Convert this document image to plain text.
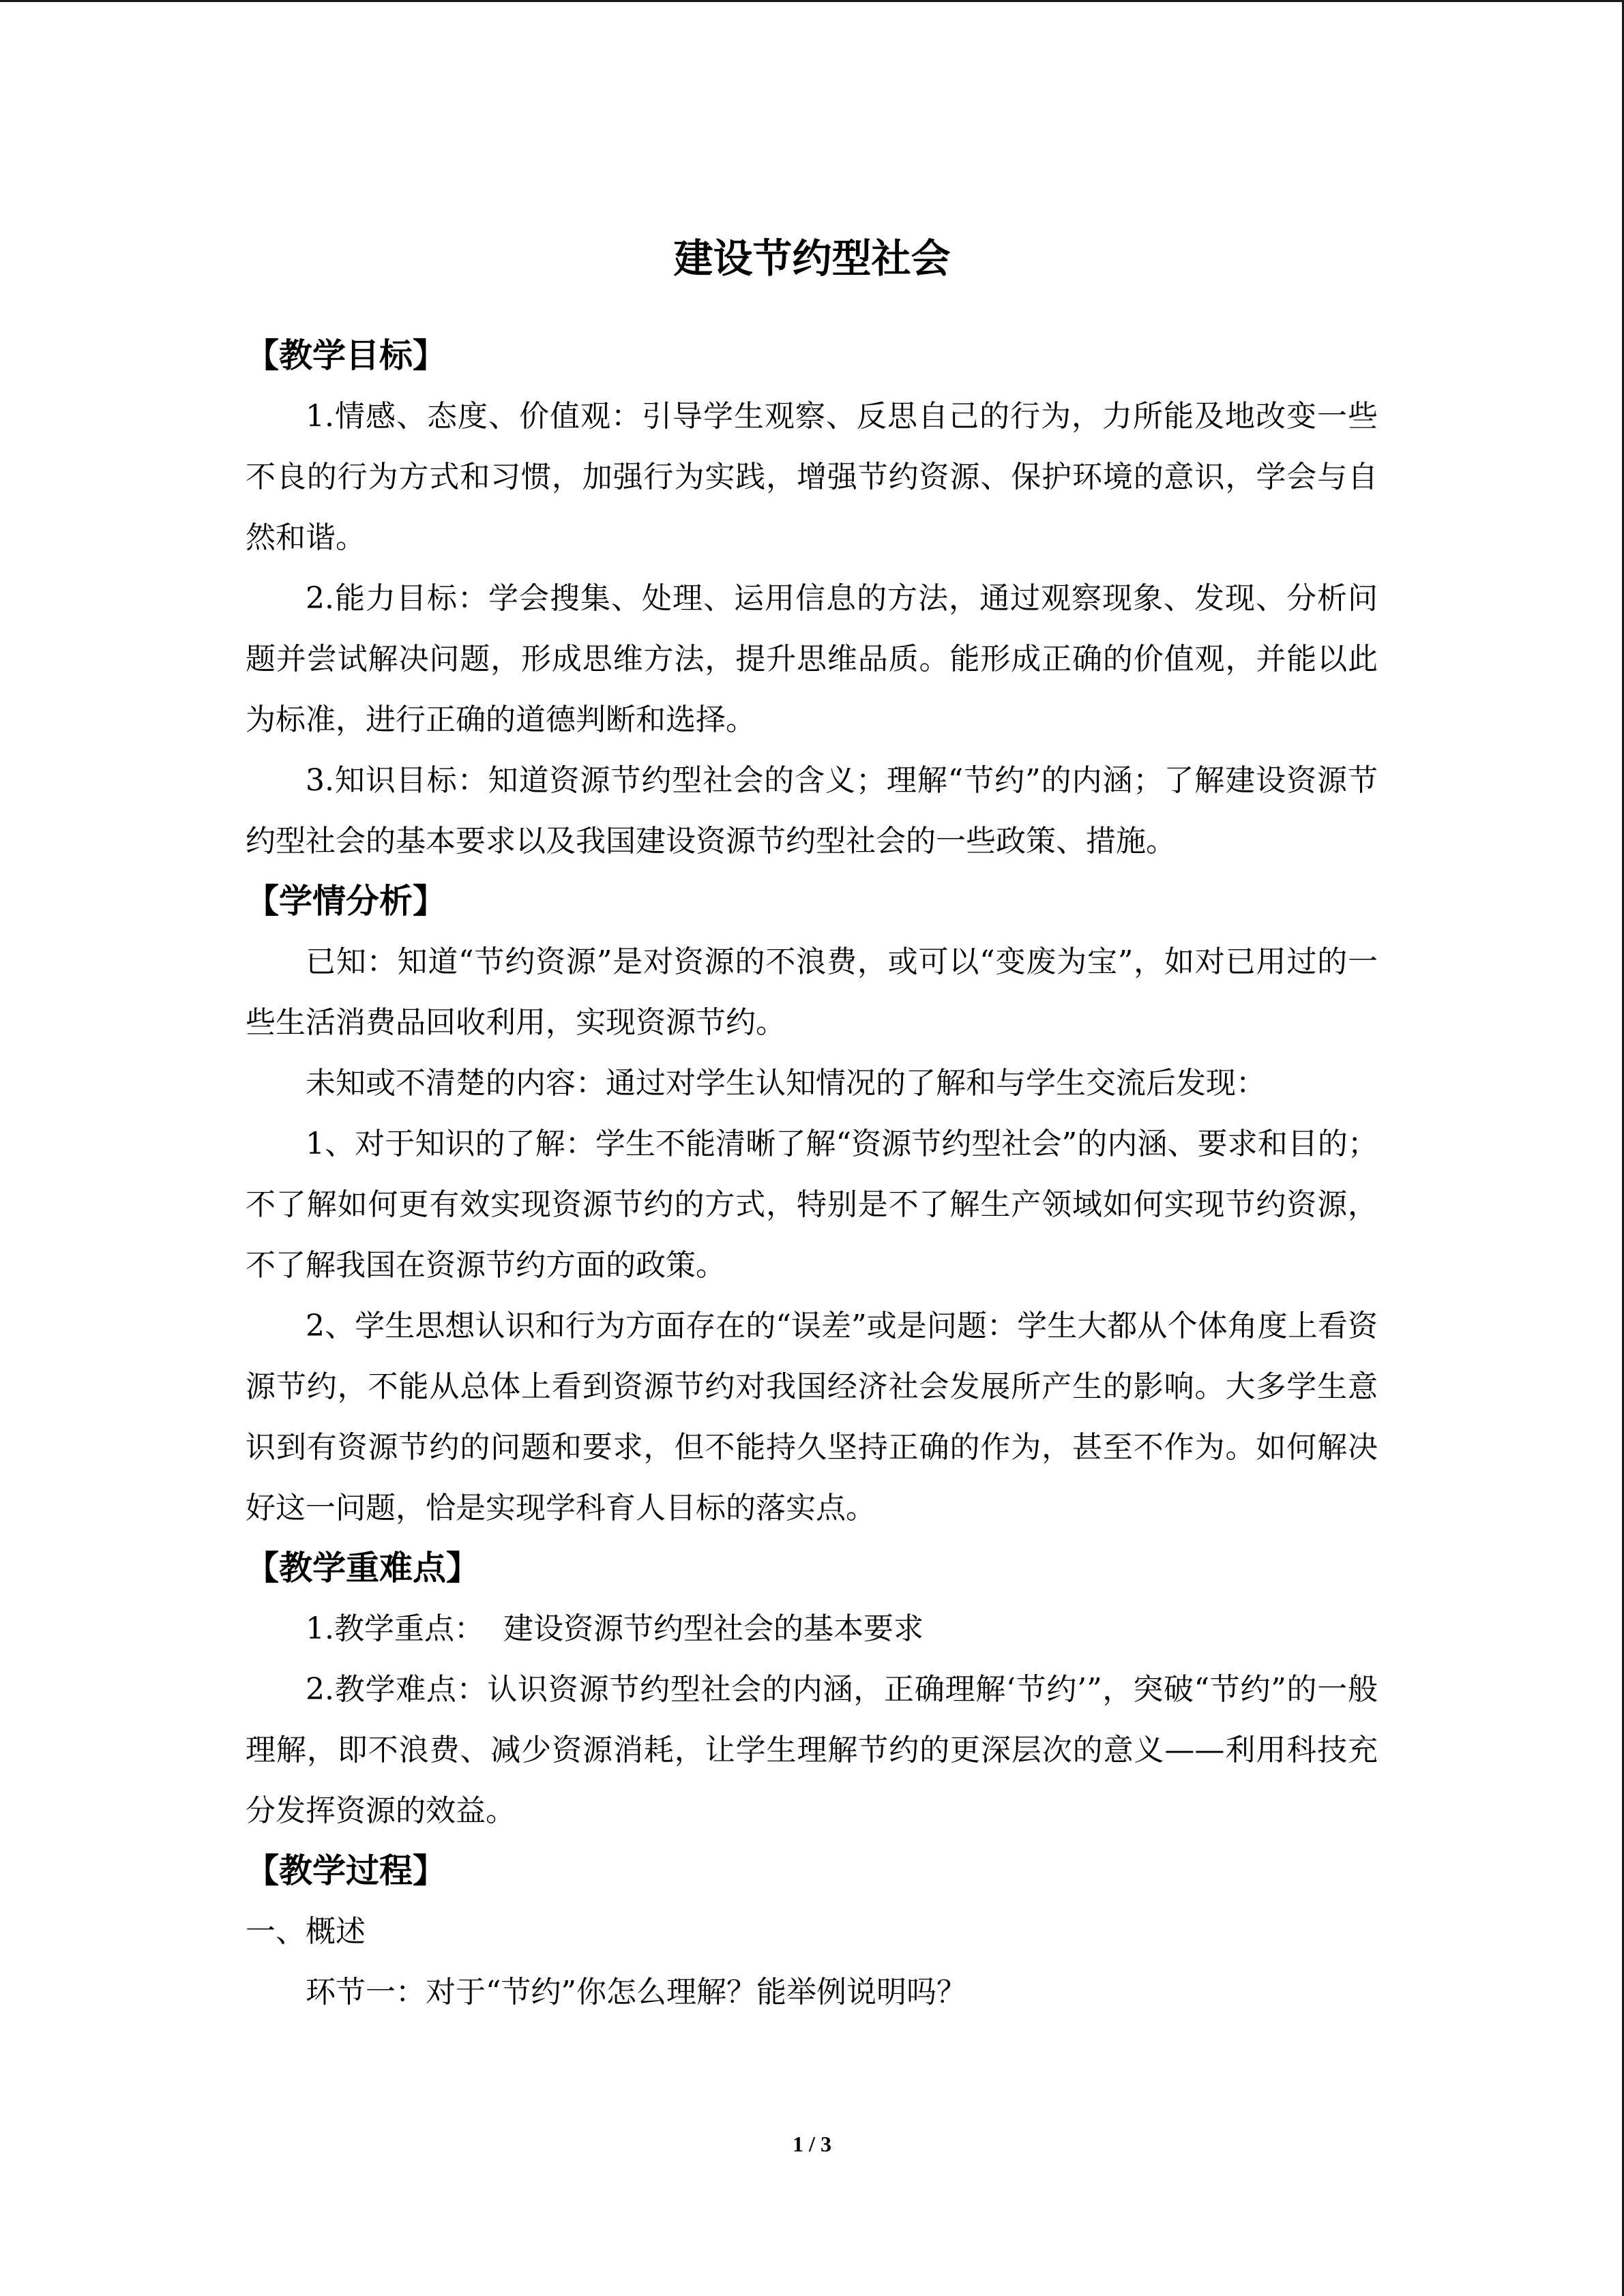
建设节约型社会
【教学目标】

1.情感、态度、价值观：引导学生观察、反思自己的行为，力所能及地改变一些不良的行为方式和习惯，加强行为实践，增强节约资源、保护环境的意识，学会与自然和谐。

2.能力目标：学会搜集、处理、运用信息的方法，通过观察现象、发现、分析问题并尝试解决问题，形成思维方法，提升思维品质。能形成正确的价值观，并能以此为标准，进行正确的道德判断和选择。

3.知识目标：知道资源节约型社会的含义；理解“节约”的内涵；了解建设资源节约型社会的基本要求以及我国建设资源节约型社会的一些政策、措施。

【学情分析】

已知：知道“节约资源”是对资源的不浪费，或可以“变废为宝”，如对已用过的一些生活消费品回收利用，实现资源节约。

未知或不清楚的内容：通过对学生认知情况的了解和与学生交流后发现：

1、对于知识的了解：学生不能清晰了解“资源节约型社会”的内涵、要求和目的；不了解如何更有效实现资源节约的方式，特别是不了解生产领域如何实现节约资源，不了解我国在资源节约方面的政策。

2、学生思想认识和行为方面存在的“误差”或是问题：学生大都从个体角度上看资源节约，不能从总体上看到资源节约对我国经济社会发展所产生的影响。大多学生意识到有资源节约的问题和要求，但不能持久坚持正确的作为，甚至不作为。如何解决好这一问题，恰是实现学科育人目标的落实点。

【教学重难点】

1.教学重点：  建设资源节约型社会的基本要求

2.教学难点：认识资源节约型社会的内涵，正确理解‘节约’”，突破“节约”的一般理解，即不浪费、减少资源消耗，让学生理解节约的更深层次的意义——利用科技充分发挥资源的效益。

【教学过程】

一、概述

环节一：对于“节约”你怎么理解？能举例说明吗？

1 / 3
